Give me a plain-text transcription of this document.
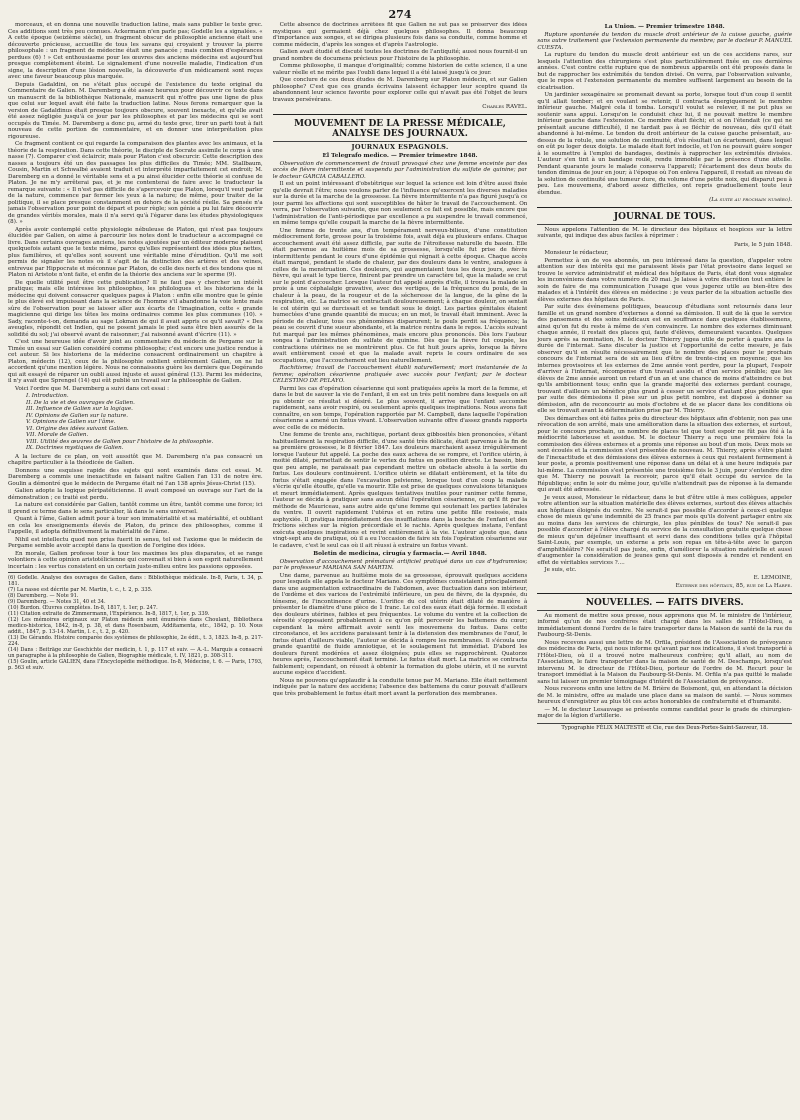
274

morceaux, et en donna une nouvelle traduction latine, mais sans publier le texte grec. Ces additions sont très peu connues. Ackermann n'en parle pas; Godelle les a signalées. « A cette époque (seizième siècle), un fragment obscur de philosophie ancienne était une découverte précieuse, accueillie de tous les savans qui croyaient y trouver la pierre philosophale : un fragment de médecine était une panacée ; mais combien d'espérances perdues (6) ! » Cet enthousiasme pour les œuvres des anciens médecins est aujourd'hui presque complètement éteint. Le signalement d'une nouvelle maladie, l'indication d'un signe, la description d'une lésion nouvelle, la découverte d'un médicament sont reçus avec une faveur beaucoup plus marquée.

Depuis Gadaldini, on ne s'était plus occupé de l'existence du texte original du Commentaire de Galien. M. Daremberg a été assez heureux pour découvrir ce texte dans un manuscrit de la bibliothèque Nationale, manuscrit qui n'offre pas une ligne de plus que celui sur lequel avait été faite la traduction latine. Nous ferons remarquer que la version de Gadaldinus était presque toujours obscure, souvent inexacte, et qu'elle avait été assez négligée jusqu'à ce jour par les philosophes et par les médecins qui se sont occupés du Timée. M. Daremberg a donc pu, armé du texte grec, tirer un parti tout à fait nouveau de cette portion de commentaire, et en donner une interprétation plus rigoureuse.

Ce fragment contient ce qui regarde la comparaison des plantes avec les animaux, et la théorie de la respiration. Dans cette théorie, le disciple de Socrate assimile le corps à une nasse (7). Comparer c'est éclaircir, mais pour Platon c'est obscurcir. Cette description des nasses a toujours été un des passages les plus difficiles du Timée; MM. Stallbaum, Cousin, Martin et Schwalbé avaient traduit et interprété imparfaitement cet endroit; M. Daremberg en a donné le véritable sens et a pu ainsi élucider cette théorie si confuse de Platon. Je ne m'y arrêterai pas, et je me contenterai de faire avec le traducteur la remarque suivante : « Il n'est pas difficile de s'apercevoir que Platon, lorsqu'il veut parler de la nature, commence par fermer les yeux à la nature; de même, pour traiter de la politique, il se place presque constamment en dehors de la société réelle. Sa pensée n'a jamais l'observation pour point de départ et pour règle; son génie a pu lui faire découvrir de grandes vérités morales, mais il n'a servi qu'à l'égarer dans les études physiologiques (8). »

Après avoir contemplé cette physiologie nébuleuse de Platon, qui n'est pas toujours élucidée par Galien, on aime à parcourir les notes dont le traducteur a accompagné ce livre. Dans certains ouvrages anciens, les notes ajoutées par un éditeur moderne plaisent quelquefois autant que le texte même, parce qu'elles représentent des idées plus nettes, plus familières, et qu'elles sont souvent une véritable mine d'érudition. Qu'il me soit permis de signaler les notes où il s'agit de la distinction des artères et des veines, entrevue par Hippocrate et méconnue par Platon, de celle des nerfs et des tendons que ni Platon ni Aristote n'ont faite, et enfin de la théorie des anciens sur le sperme (9).

De quelle utilité peut être cette publication? Il ne faut pas y chercher un intérêt pratique; mais elle intéresse les philosophes, les philologues et les historiens de la médecine qui doivent consacrer quelques pages à Platon : enfin elle montre que le génie le plus élevé est impuissant dans la science de l'homme s'il abandonne la voie lente mais sûre de l'observation pour se laisser aller aux écarts de l'imagination, cette « grande magicienne qui dirige les têtes les moins ordinaires comme les plus communes (10). » Sady, raconte-t-on, demanda au sage Lokman de qui il avait appris ce qu'il savait? « Des aveugles, répondit cet Indien, qui ne posent jamais le pied sans être bien assurés de la solidité du sol; j'ai observé avant de raisonner; j'ai raisonné avant d'écrire (11). »

C'est une heureuse idée d'avoir joint au commentaire du médecin de Pergame sur le Timée un essai sur Galien considéré comme philosophe; c'est encore une justice rendue à cet auteur. Si les historiens de la médecine consacrent ordinairement un chapitre à Platon, médecin (12), ceux de la philosophie oublient entièrement Galien, on ne lui accordent qu'une mention légère. Nous ne connaissons guère les derniers que Degérando qui ait essayé de réparer un oubli aussi injuste et aussi général (13). Parmi les médecins, il n'y avait que Sprengel (14) qui eût publié un travail sur la philosophie de Galien.

Voici l'ordre que M. Daremberg a suivi dans cet essai :

I. Introduction.
II. De la vie et des ouvrages de Galien.
III. Influence de Galien sur la logique.
IV. Opinions de Galien sur la nature.
V. Opinions de Galien sur l'âme.
VI. Origine des idées suivant Galien.
VII. Morale de Galien.
VIII. Utilité des œuvres de Galien pour l'histoire de la philosophie.
IX. Doctrines mystiques de Galien.

A la lecture de ce plan, on voit aussitôt que M. Daremberg n'a pas consacré un chapitre particulier à la théodicée de Galien.

Donnons une esquisse rapide des sujets qui sont examinés dans cet essai. M. Daremberg a commis une inexactitude en faisant naître Galien l'an 131 de notre ère. Goulin a démontré que le médecin de Pergame était né l'an 138 après Jésus-Christ (15).

Galien adopte la logique péripatéticienne. Il avait composé un ouvrage sur l'art de la démonstration ; ce traité est perdu.

La nature est considérée par Galien, tantôt comme un être, tantôt comme une force; ici il prend ce terme dans le sens particulier, là dans le sens universel.

Quant à l'âme, Galien admit pour à tour son immatérialité et sa matérialité, et oubliant en cela les enseignements élevés de Platon, du prince des philosophes, comme il l'appelle, il adopta définitivement la matérialité de l'âme.

Nihil est intellectu quod non prius fuerit in sensu, tel est l'axiome que le médecin de Pergame semble avoir accepté dans la question de l'origine des idées.

En morale, Galien professe tour à tour les maximes les plus disparates, et se range volontiers à cette opinion aristotélicienne qui convenait si bien à son esprit naturellement incertain : les vertus consistent en un certain juste-milieu entre les passions opposées.

(6) Godelle. Analyse des ouvrages de Galien, dans : Bibliothèque médicale. In-8, Paris, t. 34, p. 181.

(7) La nasse est décrite par M. Martin, t. c., t. 2, p. 335.

(8) Daremberg. — Note 91.

(9) Daremberg. — Notes 31, 40 et 34.

(10) Burdon. Œuvres complètes. In-8, 1817, t. 1er, p. 247.

(11) Citation extraite de Zimmermann, l'Expérience. In-8, 1817, t. 1er, p. 339.

(12) Les mémoires originaux sur Platon médecin sont énumérés dans Choulant, Bibliotheca medico-historica, 1842, in-8, p. 38, et dans Rosenbaum, Additamenta, etc., 1842, p. 10. Nous addit., 1847, p. 13-14. Martin, l. c., t. 2, p. 420.

(13) De Gérando. Histoire comparée des systèmes de philosophie, 2e édit., t. 3, 1823. In-8, p. 217-224.

(14) Dans : Beiträge zur Geschichte der medicin, t. 1, p. 117 et suiv. — A.-L. Marquis a consacré un paragraphe à la philosophie de Galien, Biographie médicale, t. IV, 1821, p. 308-311.

(15) Goulin, article GALIEN, dans l'Encyclopédie méthodique. In-8, Médecine, t. 6. — Paris, 1793, p. 563 et suiv.

Cette absence de doctrines arrêtées fit que Galien ne sut pas se préserver des idées mystiques qui germaient déjà chez quelques philosophes. Il donna beaucoup d'importance aux songes, et se dirigea plusieurs fois dans sa conduite, comme homme et comme médecin, d'après les songes et d'après l'astrologie.

Galien avait étudié et discuté toutes les doctrines de l'antiquité; aussi nous fournit-il un grand nombre de documens précieux pour l'histoire de la philosophie.

Comme philosophe, il manque d'originalité; comme historien de cette science, il a une valeur réelle et ne mérite pas l'oubli dans lequel il a été laissé jusqu'à ce jour.

Que conclure de ces deux études de M. Daremberg sur Platon médecin, et sur Galien philosophe? C'est que ces grands écrivains laissent échapper leur sceptre quand ils abandonnent leur science favorite pour explorer celle qui n'avait pas été l'objet de leurs travaux persévérans.

Charles RAVEL.
MOUVEMENT DE LA PRESSE MÉDICALE, ANALYSE DES JOURNAUX.
JOURNAUX ESPAGNOLS.
El Telegrafo medico. — Premier trimestre 1848.

Observation de commencement de travail provoqué chez une femme enceinte par des accès de fièvre intermittente et suspendu par l'administration du sulfate de quinine; par le docteur GARCIA CABALLERO.

Il est un point intéressant d'obstétrique sur lequel la science est loin d'être aussi fixée qu'elle devrait l'être; nous voulons parler de l'influence qu'exercent les diverses maladies sur la durée et la marche de la grossesse. La fièvre intermittente n'a pas figuré jusqu'à ce jour parmi les affections qui sont susceptibles de hâter le travail de l'accouchement. On verra, par l'observation suivante, que non seulement ce fait est possible, mais encore que l'administration de l'anti-périodique par excellence a pu suspendre le travail commencé, en même temps qu'elle coupait la marche de la fièvre intermittente.

Une femme de trente ans, d'un tempérament nerveux-bilieux, d'une constitution médiocrement forte, grosse pour la troisième fois, avait déjà eu plusieurs enfans. Chaque accouchement avait été assez difficile, par suite de l'étroitesse naturelle du bassin. Elle était parvenue au huitième mois de sa grossesse, lorsqu'elle fut prise de fièvre intermittente pendant le cours d'une épidémie qui régnait à cette époque. Chaque accès était marqué, pendant le stade de chaleur, par des douleurs dans le ventre, analogues à celles de la menstruation. Ces douleurs, qui augmentaient tous les deux jours, avec la fièvre, qui avait le type tierce, finirent par prendre un caractère tel, que la malade se crut sur le point d'accoucher. Lorsque l'auteur fut appelé auprès d'elle, il trouva la malade en proie à une céphalalgie gravative, avec des vertiges, de la fréquence du pouls, de la chaleur à la peau, de la rougeur et de la sécheresse de la langue, de la gêne de la respiration, etc. La matrice se contractait douloureusement; à chaque douleur, on sentait le col utérin qui se durcissait et se tendait sous le doigt. Les parties génitales étaient humectées d'une grande quantité de mucus; en un mot, le travail était imminent. Avec la période de chaleur, tous ces phénomènes disparurent; le pouls perdit sa fréquence; la peau se couvrit d'une sueur abondante, et la matrice rentra dans le repos. L'accès suivant fut marqué par les mêmes phénomènes, mais encore plus prononcés. Dès lors l'auteur songea à l'administration du sulfate de quinine. Dès que la fièvre fut coupée, les contractions utérines ne se montrèrent plus. Ce fut huit jours après, lorsque la fièvre avait entièrement cessé et que la malade avait repris le cours ordinaire de ses occupations, que l'accouchement eut lieu naturellement.

Rachitisme; travail de l'accouchement établi naturellement; mort instantanée de la femme; opération césarienne pratiquée avec succès pour l'enfant; par le docteur CELESTINO DE PELAYO.

Parmi les cas d'opération césarienne qui sont pratiquées après la mort de la femme, et dans le but de sauver la vie de l'enfant, il en est un très petit nombre dans lesquels on ait pu obtenir ce résultat si désiré. Le plus souvent, il arrive que l'enfant succombe rapidement, sans avoir respiré, ou seulement après quelques inspirations. Nous avons fait connaître, en son temps, l'opération rapportée par M. Campbell, dans laquelle l'opération césarienne a amené un fœtus vivant. L'observation suivante offre d'assez grands rapports avec celle de ce médecin.

Une femme de trente ans, rachitique, portant deux gibbosités bien prononcées, s'étant habituellement la respiration difficile, d'une santé très délicate, était parvenue à la fin de sa première grossesse, le 8 février 1847. Les douleurs marchaient assez irrégulièrement lorsque l'auteur fut appelé. La poche des eaux acheva de se rompre, et l'orifice utérin, à moitié dilaté, permettait de sentir le vertex du fœtus en position directe. Le bassin, bien que peu ample, ne paraissait pas cependant mettre un obstacle absolu à la sortie du fœtus. Les douleurs continuèrent. L'orifice utérin se dilatait entièrement, et la tête du fœtus s'était engagée dans l'excavation pelvienne, lorsque tout d'un coup la malade s'écrie qu'elle étouffe, qu'elle va mourir. Elle est prise de quelques convulsions tétaniques et meurt immédiatement. Après quelques tentatives inutiles pour ranimer cette femme, l'auteur se décida à pratiquer sans aucun délai l'opération césarienne, ce qu'il fit par la méthode de Mauriceau, sans autre aide qu'une femme qui soutenait les parties latérales du ventre. Il ouvrit rapidement l'utérus et en retira une petite fille rosissée, mais asphyxiée. Il pratiqua immédiatement des insufflations dans la bouche de l'enfant et des frictions sèches sur la région précordiale et le rachis. Après quelques instans, l'enfant exécuta quelques inspirations et revint entièrement à la vie. L'auteur ajoute que, dans vingt-sept ans de pratique, où il a eu l'occasion de faire six fois l'opération césarienne sur le cadavre, c'est le seul cas où il ait réussi à extraire un fœtus vivant.

Boletin de medicina, cirugía y farmacia.— Avril 1848.

Observation d'accouchement prématuré artificiel pratiqué dans un cas d'hydramnios; par le professeur MARIANA SAN MARTIN.

Une dame, parvenue au huitième mois de sa grossesse, éprouvait quelques accidens pour lesquels elle appela le docteur Mariano. Ces symptômes consistaient principalement dans une augmentation extraordinaire de l'abdomen, avec fluctuation dans son intérieur, de l'œdème et des varices de l'extrémité inférieure, un peu de fièvre, de la dyspnée, du ténesme, de l'incontinence d'urine. L'orifice du col utérin était dilaté de manière à présenter le diamètre d'une pièce de 1 franc. Le col des eaux était déjà formée. Il existait des douleurs utérines, faibles et peu fréquentes. Le volume du ventre et la collection de sérosité s'opposaient probablement à ce qu'on pût percevoir les battemens du cœur; cependant la mère affirmait avoir senti les mouvemens du fœtus. Dans cette circonstance, et les accidens paraissant tenir à la distension des membranes de l'œuf, le fœtus étant d'ailleurs viable, l'auteur se décida à rompre les membranes. Il s'écoula une grande quantité de fluide amniotique, et le soulagement fut immédiat. D'abord les douleurs furent modérées et assez éloignées; puis elles se rapprochèrent. Quatorze heures après, l'accouchement était terminé. Le fœtus était mort. La matrice se contracta faiblement; cependant, on réussit à obtenir la formation du globe utérin, et il ne survint aucune espèce d'accident.

Nous ne pouvons qu'applaudir à la conduite tenue par M. Mariano. Elle était nettement indiquée par la nature des accidens; l'absence des battemens du cœur pouvait d'ailleurs que très probablement le fœtus était mort avant la perforation des membranes.

La Union. — Premier trimestre 1848.

Rupture spontanée du tendon du muscle droit antérieur de la cuisse gauche, guérie sans autre traitement que l'extension permanente du membre; par le docteur P. MANUEL CUESTA.

La rupture du tendon du muscle droit antérieur est un de ces accidens rares, sur lesquels l'attention des chirurgiens s'est plus particulièrement fixée en ces dernières années. C'est contre cette rupture que de nombreux appareils ont été proposés dans le but de rapprocher les extrémités du tendon divisé. On verra, par l'observation suivante, que le repos et l'extension permanente du membre suffisent largement au besoin de la cicatrisation.

Un jardinier sexagénaire se promenait devant sa porte, lorsque tout d'un coup il sentit qu'il allait tomber; et en voulant se retenir, il contracta énergiquement le membre inférieur gauche. Malgré cela il tomba. Lorsqu'il voulut se relever, il ne put plus se soutenir sans appui. Lorsqu'on le conduisit chez lui, il ne pouvait mettre le membre inférieur gauche dans l'extension. Ce membre était fléchi; et si on l'étendait (ce qui ne présentait aucune difficulté), il ne tardait pas à se fléchir de nouveau, dès qu'il était abandonné à lui-même. Le tendon du droit antérieur de la cuisse gauche présentait, au-dessus de la rotule, une solution de continuité, d'où résultait un écartement, dans lequel on eût pu loger deux doigts. Le malade était fort indocile, et l'on ne pouvait guère songer à le soumettre à l'emploi de bandages, destinés à rapprocher les extrémités divisées. L'auteur s'en tint à un bandage roulé, rendu immobile par la présence d'une attelle. Pendant quarante jours le malade conserva l'appareil; l'écartement des deux bouts du tendon diminua de jour en jour; à l'époque où l'on enleva l'appareil, il restait au niveau de la solution de continuité une tumeur dure, du volume d'une petite noix, qui disparut peu à peu. Les mouvemens, d'abord assez difficiles, ont repris graduellement toute leur étendue.

(La suite au prochain numéro).
JOURNAL DE TOUS.

Nous appelons l'attention de M. le directeur des hôpitaux et hospices sur la lettre suivante, qui indique des abus faciles à réprimer :

Paris, le 5 juin 1848.

Monsieur le rédacteur,

Permettez à un de vos abonnés, un peu intéressé dans la question, d'appeler votre attention sur des intérêts qui me paraissent lésés par l'état provisoire dans lequel se trouve le service administratif et médical des hôpitaux de Paris, état dont vous signalez les inconvéniens dans votre numéro du 20 mai. Je laisse à votre discrétion tout entière le soin de faire de ma communication l'usage que vous jugerez utile au bien-être des malades et à l'intérêt des élèves en médecine : je veux parler de la situation actuelle des élèves externes des hôpitaux de Paris.

Par suite des événemens politiques, beaucoup d'étudians sont retournés dans leur famille et un grand nombre d'externes a donné sa démission. Il suit de là que le service des pansemens et des soins médicaux est en souffrance dans quelques établissemens, ainsi qu'on fut du reste à même de s'en convaincre. Le nombre des externes diminuant chaque année, il restait des places qui, faute d'élèves, demeuraient vacantes. Quelques jours après sa nomination, M. le docteur Thierry jugea utile de porter à quatre ans la durée de l'internat. Sans discuter la justice et l'opportunité de cette mesure, je fais observer qu'il en résulte nécessairement que le nombre des places pour le prochain concours de l'internat sera de six au lieu d'être de trente-cinq en moyenne; que les internes provisoires et les externes de 2me année vont perdre, pour la plupart, l'espoir d'arriver à l'internat, récompense d'un travail assidu et d'un service pénible; que les élèves de 2me année auront un retard d'un an et une chance de moins d'atteindre ce but qu'ils ambitionnent tous; enfin que la grande majorité des externes perdant courage, trouvant d'ailleurs un bénéfice plus grand à cesser un service d'autant plus pénible que par suite des démissions il pèse sur un plus petit nombre, est disposé à donner sa démission, afin de reconcourir au mois d'octobre et de se placer dans les conditions où elle se trouvait avant la détermination prise par M. Thierry.

Des démarches ont été faites près du directeur des hôpitaux afin d'obtenir, non pas une révocation de son arrêté, mais une amélioration dans la situation des externes, et surtout, pour le concours prochain, un nombre de places tel que tout espoir ne fût pas ôté à la médiocrité laborieuse et assidue. M. le docteur Thierry a reçu une première fois la commission des élèves externes et a promis une réponse au bout d'un mois. Deux mois se sont écoulés et la commission s'est présentée de nouveau. M. Thierry, après s'être plaint de l'inexactitude et des démissions des élèves externes à ceux qui restaient fermement à leur poste, a promis positivement une réponse dans un délai et à une heure indiqués par lui-même. La commission s'est présentée une troisième fois le 3 juin, pour s'entendre dire que M. Thierry ne pouvait la recevoir, parce qu'il était occupé du service de la République; enfin le soir du même jour, qu'elle n'attendrait pas de réponse à la demande qui avait été adressée.

Je veux aussi, Monsieur le rédacteur, dans le but d'être utile à mes collègues, appeler votre attention sur la situation matérielle des élèves externes, surtout des élèves attachés aux hôpitaux éloignés du centre. Ne serait-il pas possible d'accorder à ceux-ci quelque chose de mieux qu'une indemnité de 25 francs par mois qu'ils doivent partager entre six au moins dans les services de chirurgie, les plus pénibles de tous? Ne serait-il pas possible d'accorder à l'élève chargé du service de la consultation gratuite quelque chose de mieux qu'un déjeûner insuffisant et servi dans des conditions telles qu'à l'hôpital Saint-Louis, par exemple, un externe a pris son repas en tête-à-tête avec le garçon d'amphithéâtre? Ne serait-il pas juste, enfin, d'améliorer la situation matérielle et aussi d'augmenter la considération de jeunes gens qui sont disposés à rendre et rendent en effet de véritables services ?....

Je suis, etc.

E. LEMOINE,
Externe des hôpitaux, 85, rue de La Harpe.
NOUVELLES. — FAITS DIVERS.

Au moment de mettre sous presse, nous apprenons que M. le ministre de l'intérieur, informé qu'un de nos confrères était chargé dans les salles de l'Hôtel-Dieu, a immédiatement donné l'ordre de le faire transporter dans la Maison de santé de la rue du Faubourg-St-Denis.

Nous recevons aussi une lettre de M. Orfila, président de l'Association de prévoyance des médecins de Paris, qui nous informe qu'avant par nos indications, il s'est transporté à l'Hôtel-Dieu, où il a trouvé notre malheureux confrère; qu'il allait, au nom de l'Association, le faire transporter dans la maison de santé de M. Deschamps, lorsqu'est intervenu M. le directeur de l'Hôtel-Dieu, porteur de l'ordre de M. Recurt pour le transport immédiat à la Maison du Faubourg-St-Denis. M. Orfila n'a pas quitté le malade sans lui laisser un premier témoignage d'intérêt de l'Association de prévoyance.

Nous recevons enfin une lettre de M. Brière de Boismont, qui, en attendant la décision de M. le ministre, offre au malade une place dans sa maison de santé. — Nous sommes heureux d'enregistrer au plus tôt ces actes honorables de confraternité et d'humanité.

— M. le docteur Lesauvage se présente comme candidat pour le grade de chirurgien-major de la légion d'artillerie.

Typographie FÉLIX MALTESTE et Cie, rue des Deux-Portes-Saint-Sauveur, 18.
